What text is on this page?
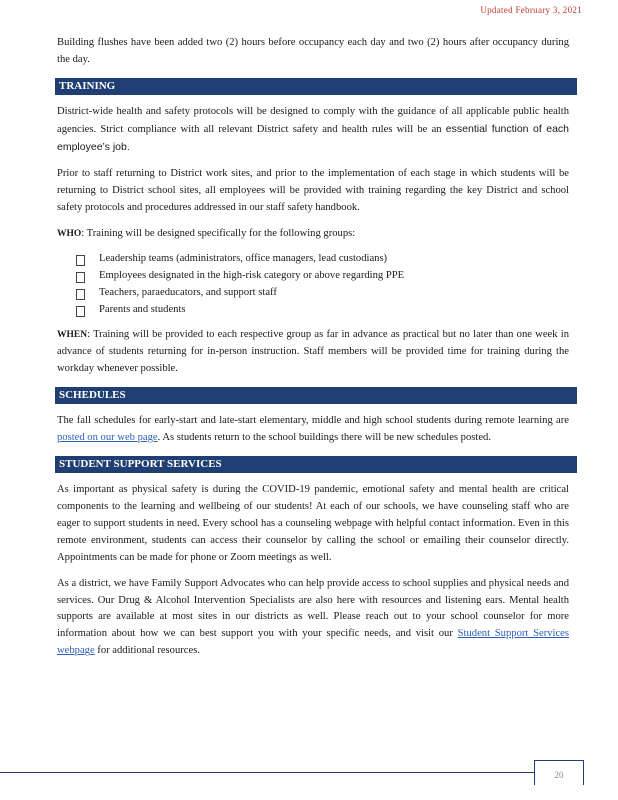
Updated February 3, 2021

Building flushes have been added two (2) hours before occupancy each day and two (2) hours after occupancy during the day.

TRAINING

District-wide health and safety protocols will be designed to comply with the guidance of all applicable public health agencies. Strict compliance with all relevant District safety and health rules will be an essential function of each employee’s job.

Prior to staff returning to District work sites, and prior to the implementation of each stage in which students will be returning to District school sites, all employees will be provided with training regarding the key District and school safety protocols and procedures addressed in our staff safety handbook.

WHO: Training will be designed specifically for the following groups:

Leadership teams (administrators, office managers, lead custodians)
Employees designated in the high-risk category or above regarding PPE
Teachers, paraeducators, and support staff
Parents and students

WHEN: Training will be provided to each respective group as far in advance as practical but no later than one week in advance of students returning for in-person instruction. Staff members will be provided time for training during the workday whenever possible.

SCHEDULES

The fall schedules for early-start and late-start elementary, middle and high school students during remote learning are posted on our web page. As students return to the school buildings there will be new schedules posted.

STUDENT SUPPORT SERVICES

As important as physical safety is during the COVID-19 pandemic, emotional safety and mental health are critical components to the learning and wellbeing of our students! At each of our schools, we have counseling staff who are eager to support students in need. Every school has a counseling webpage with helpful contact information. Even in this remote environment, students can access their counselor by calling the school or emailing their counselor directly. Appointments can be made for phone or Zoom meetings as well.

As a district, we have Family Support Advocates who can help provide access to school supplies and physical needs and services. Our Drug & Alcohol Intervention Specialists are also here with resources and listening ears. Mental health supports are available at most sites in our districts as well. Please reach out to your school counselor for more information about how we can best support you with your specific needs, and visit our Student Support Services webpage for additional resources.

20
